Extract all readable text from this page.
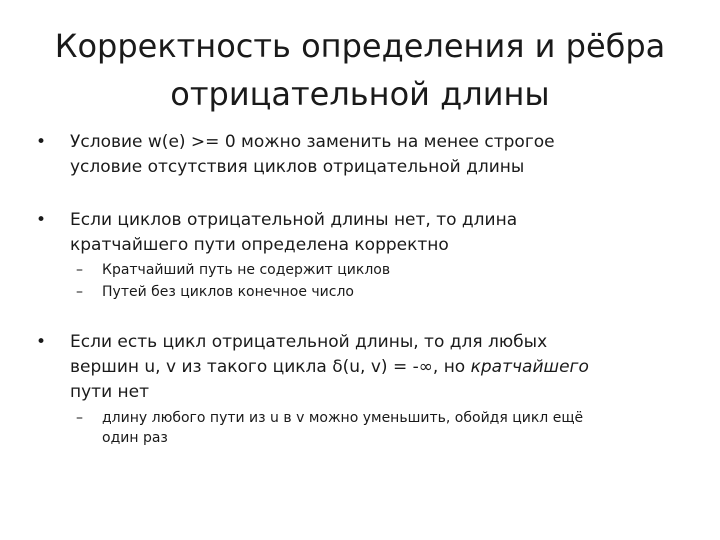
Корректность определения и рёбра
отрицательной длины
• Условие w(e) >= 0 можно заменить на менее строгое
условие отсутствия циклов отрицательной длины
• Если циклов отрицательной длины нет, то длина
кратчайшего пути определена корректно
– Кратчайший путь не содержит циклов
– Путей без циклов конечное число
• Если есть цикл отрицательной длины, то для любых
вершин u, v из такого цикла δ(u, v) = -∞, но кратчайшего
пути нет
– длину любого пути из u в v можно уменьшить, обойдя цикл ещё
один раз
